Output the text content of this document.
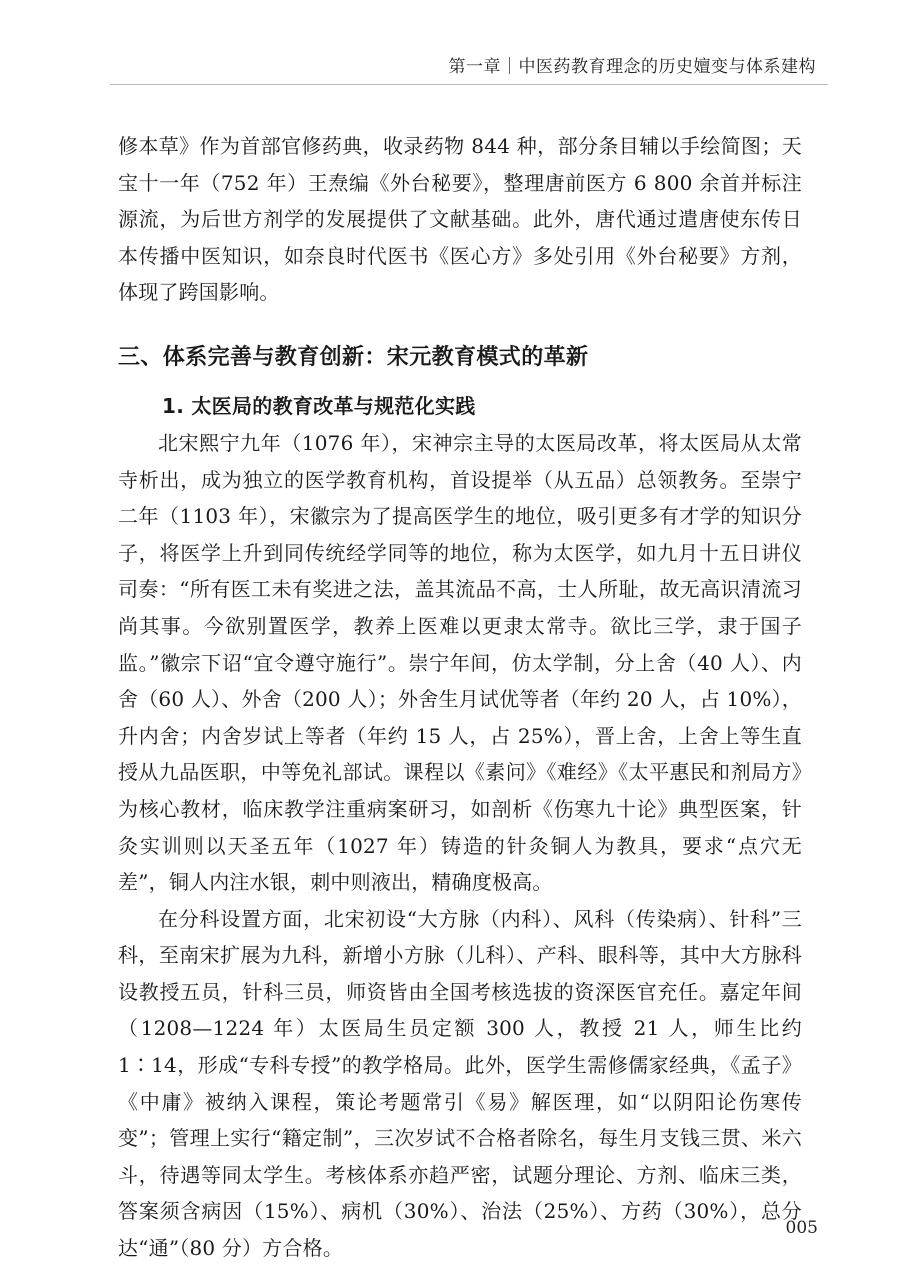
第一章｜中医药教育理念的历史嬗变与体系建构

修本草》作为首部官修药典，收录药物 844 种，部分条目辅以手绘简图；天宝十一年（752 年）王焘编《外台秘要》，整理唐前医方 6 800 余首并标注源流，为后世方剂学的发展提供了文献基础。此外，唐代通过遣唐使东传日本传播中医知识，如奈良时代医书《医心方》多处引用《外台秘要》方剂，体现了跨国影响。

三、体系完善与教育创新：宋元教育模式的革新
1. 太医局的教育改革与规范化实践

北宋熙宁九年（1076 年），宋神宗主导的太医局改革，将太医局从太常寺析出，成为独立的医学教育机构，首设提举（从五品）总领教务。至崇宁二年（1103 年），宋徽宗为了提高医学生的地位，吸引更多有才学的知识分子，将医学上升到同传统经学同等的地位，称为太医学，如九月十五日讲仪司奏：“所有医工未有奖进之法，盖其流品不高，士人所耻，故无高识清流习尚其事。今欲别置医学，教养上医难以更隶太常寺。欲比三学，隶于国子监。”徽宗下诏“宜令遵守施行”。崇宁年间，仿太学制，分上舍（40 人）、内舍（60 人）、外舍（200 人）；外舍生月试优等者（年约 20 人，占 10%），升内舍；内舍岁试上等者（年约 15 人，占 25%），晋上舍，上舍上等生直授从九品医职，中等免礼部试。课程以《素问》《难经》《太平惠民和剂局方》为核心教材，临床教学注重病案研习，如剖析《伤寒九十论》典型医案，针灸实训则以天圣五年（1027 年）铸造的针灸铜人为教具，要求“点穴无差”，铜人内注水银，刺中则液出，精确度极高。

在分科设置方面，北宋初设“大方脉（内科）、风科（传染病）、针科”三科，至南宋扩展为九科，新增小方脉（儿科）、产科、眼科等，其中大方脉科设教授五员，针科三员，师资皆由全国考核选拔的资深医官充任。嘉定年间（1208—1224 年）太医局生员定额 300 人，教授 21 人，师生比约 1∶14，形成“专科专授”的教学格局。此外，医学生需修儒家经典，《孟子》《中庸》被纳入课程，策论考题常引《易》解医理，如“以阴阳论伤寒传变”；管理上实行“籍定制”，三次岁试不合格者除名，每生月支钱三贯、米六斗，待遇等同太学生。考核体系亦趋严密，试题分理论、方剂、临床三类，答案须含病因（15%）、病机（30%）、治法（25%）、方药（30%），总分达“通”（80 分）方合格。

005
